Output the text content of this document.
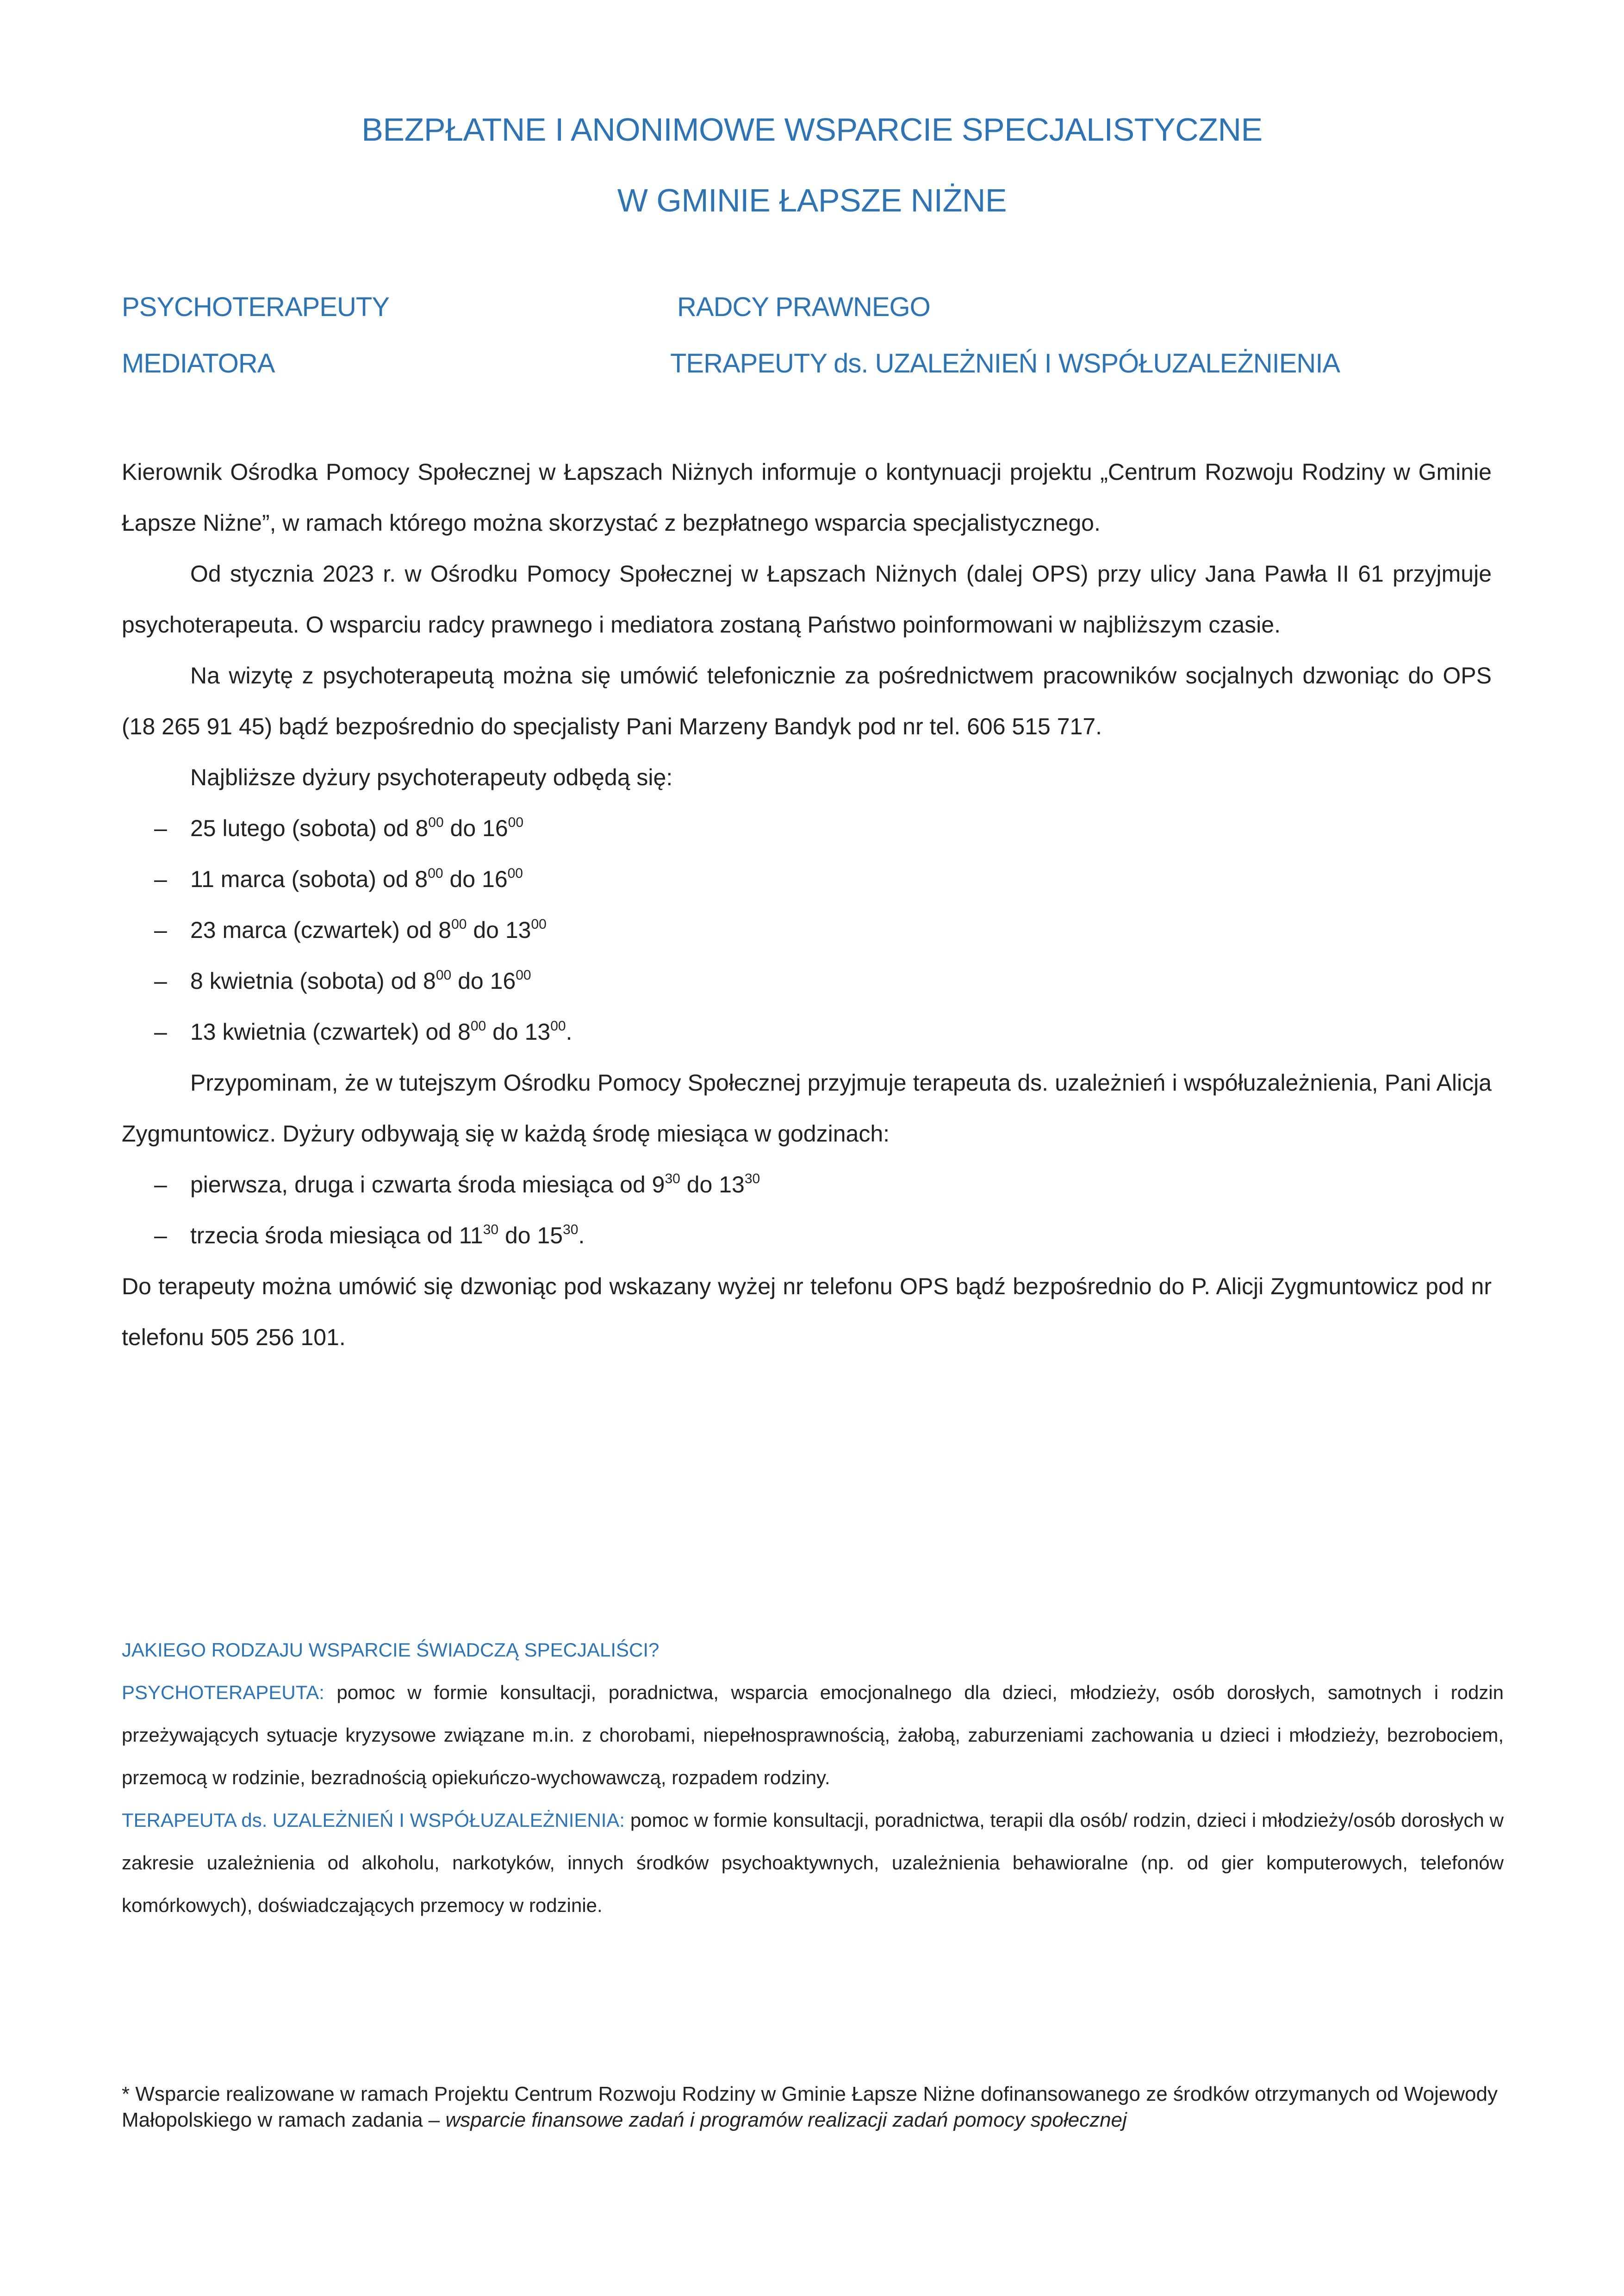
BEZPŁATNE I ANONIMOWE WSPARCIE SPECJALISTYCZNE
W GMINIE ŁAPSZE NIŻNE
PSYCHOTERAPEUTY	RADCY PRAWNEGO
MEDIATORA	TERAPEUTY ds. UZALEŻNIEŃ I WSPÓŁUZALEŻNIENIA

Kierownik Ośrodka Pomocy Społecznej w Łapszach Niżnych informuje o kontynuacji projektu „Centrum Rozwoju Rodziny w Gminie Łapsze Niżne”, w ramach którego można skorzystać z bezpłatnego wsparcia specjalistycznego.

Od stycznia 2023 r. w Ośrodku Pomocy Społecznej w Łapszach Niżnych (dalej OPS) przy ulicy Jana Pawła II 61 przyjmuje psychoterapeuta. O wsparciu radcy prawnego i mediatora zostaną Państwo poinformowani w najbliższym czasie.

Na wizytę z psychoterapeutą można się umówić telefonicznie za pośrednictwem pracowników socjalnych dzwoniąc do OPS (18 265 91 45) bądź bezpośrednio do specjalisty Pani Marzeny Bandyk pod nr tel. 606 515 717.

Najbliższe dyżury psychoterapeuty odbędą się:

– 25 lutego (sobota) od $8^{00}$ do $16^{00}$
– 11 marca (sobota) od $8^{00}$ do $16^{00}$
– 23 marca (czwartek) od $8^{00}$ do $13^{00}$
– 8 kwietnia (sobota) od $8^{00}$ do $16^{00}$
– 13 kwietnia (czwartek) od $8^{00}$ do $13^{00}$.

Przypominam, że w tutejszym Ośrodku Pomocy Społecznej przyjmuje terapeuta ds. uzależnień i współuzależnienia, Pani Alicja Zygmuntowicz. Dyżury odbywają się w każdą środę miesiąca w godzinach:

– pierwsza, druga i czwarta środa miesiąca od $9^{30}$ do $13^{30}$
– trzecia środa miesiąca od $11^{30}$ do $15^{30}$.

Do terapeuty można umówić się dzwoniąc pod wskazany wyżej nr telefonu OPS bądź bezpośrednio do P. Alicji Zygmuntowicz pod nr telefonu 505 256 101.

JAKIEGO RODZAJU WSPARCIE ŚWIADCZĄ SPECJALIŚCI?

PSYCHOTERAPEUTA: pomoc w formie konsultacji, poradnictwa, wsparcia emocjonalnego dla dzieci, młodzieży, osób dorosłych, samotnych i rodzin przeżywających sytuacje kryzysowe związane m.in. z chorobami, niepełnosprawnością, żałobą, zaburzeniami zachowania u dzieci i młodzieży, bezrobociem, przemocą w rodzinie, bezradnością opiekuńczo-wychowawczą, rozpadem rodziny.

TERAPEUTA ds. UZALEŻNIEŃ I WSPÓŁUZALEŻNIENIA: pomoc w formie konsultacji, poradnictwa, terapii dla osób/ rodzin, dzieci i młodzieży/osób dorosłych w zakresie uzależnienia od alkoholu, narkotyków, innych środków psychoaktywnych, uzależnienia behawioralne (np. od gier komputerowych, telefonów komórkowych), doświadczających przemocy w rodzinie.

* Wsparcie realizowane w ramach Projektu Centrum Rozwoju Rodziny w Gminie Łapsze Niżne dofinansowanego ze środków otrzymanych od Wojewody Małopolskiego w ramach zadania – wsparcie finansowe zadań i programów realizacji zadań pomocy społecznej
